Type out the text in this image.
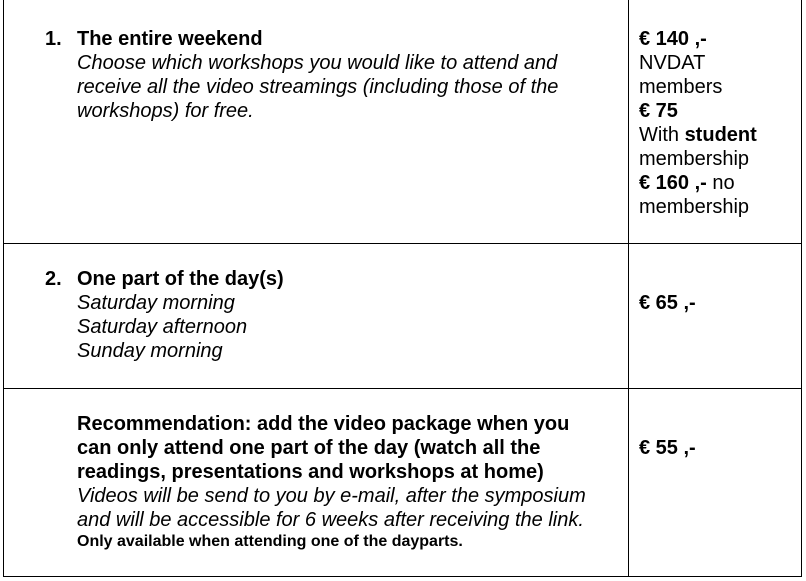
1. The entire weekend
Choose which workshops you would like to attend and
receive all the video streamings (including those of the
workshops) for free.
€ 140 ,-
NVDAT
members
€ 75
With student
membership
€ 160 ,- no
membership
2. One part of the day(s)
Saturday morning
Saturday afternoon
Sunday morning
€ 65 ,-
Recommendation: add the video package when you
can only attend one part of the day (watch all the
readings, presentations and workshops at home)
Videos will be send to you by e-mail, after the symposium
and will be accessible for 6 weeks after receiving the link.
Only available when attending one of the dayparts.
€ 55 ,-
